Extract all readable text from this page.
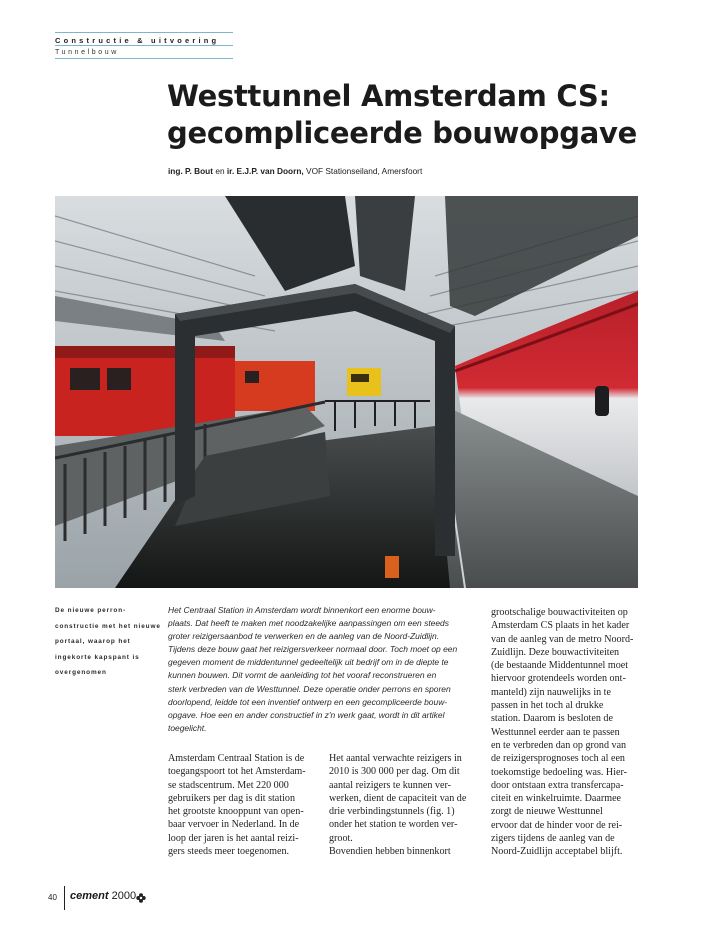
Constructie & uitvoering
Tunnelbouw
Westtunnel Amsterdam CS:
gecompliceerde bouwopgave
ing. P. Bout en ir. E.J.P. van Doorn, VOF Stationseiland, Amersfoort
De nieuwe perron-
constructie met het nieuwe
portaal, waarop het
ingekorte kapspant is
overgenomen
Het Centraal Station in Amsterdam wordt binnenkort een enorme bouw-
plaats. Dat heeft te maken met noodzakelijke aanpassingen om een steeds
groter reizigersaanbod te verwerken en de aanleg van de Noord-Zuidlijn.
Tijdens deze bouw gaat het reizigersverkeer normaal door. Toch moet op een
gegeven moment de middentunnel gedeeltelijk uit bedrijf om in de diepte te
kunnen bouwen. Dit vormt de aanleiding tot het vooraf reconstrueren en
sterk verbreden van de Westtunnel. Deze operatie onder perrons en sporen
doorlopend, leidde tot een inventief ontwerp en een gecompliceerde bouw-
opgave. Hoe een en ander constructief in z'n werk gaat, wordt in dit artikel
toegelicht.
Amsterdam Centraal Station is de
toegangspoort tot het Amsterdam-
se stadscentrum. Met 220 000
gebruikers per dag is dit station
het grootste knooppunt van open-
baar vervoer in Nederland. In de
loop der jaren is het aantal reizi-
gers steeds meer toegenomen.
Het aantal verwachte reizigers in
2010 is 300 000 per dag. Om dit
aantal reizigers te kunnen ver-
werken, dient de capaciteit van de
drie verbindingstunnels (fig. 1)
onder het station te worden ver-
groot.
Bovendien hebben binnenkort
grootschalige bouwactiviteiten op
Amsterdam CS plaats in het kader
van de aanleg van de metro Noord-
Zuidlijn. Deze bouwactiviteiten
(de bestaande Middentunnel moet
hiervoor grotendeels worden ont-
manteld) zijn nauwelijks in te
passen in het toch al drukke
station. Daarom is besloten de
Westtunnel eerder aan te passen
en te verbreden dan op grond van
de reizigersprognoses toch al een
toekomstige bedoeling was. Hier-
door ontstaan extra transfercapa-
citeit en winkelruimte. Daarmee
zorgt de nieuwe Westtunnel
ervoor dat de hinder voor de rei-
zigers tijdens de aanleg van de
Noord-Zuidlijn acceptabel blijft.
40 cement 2000
